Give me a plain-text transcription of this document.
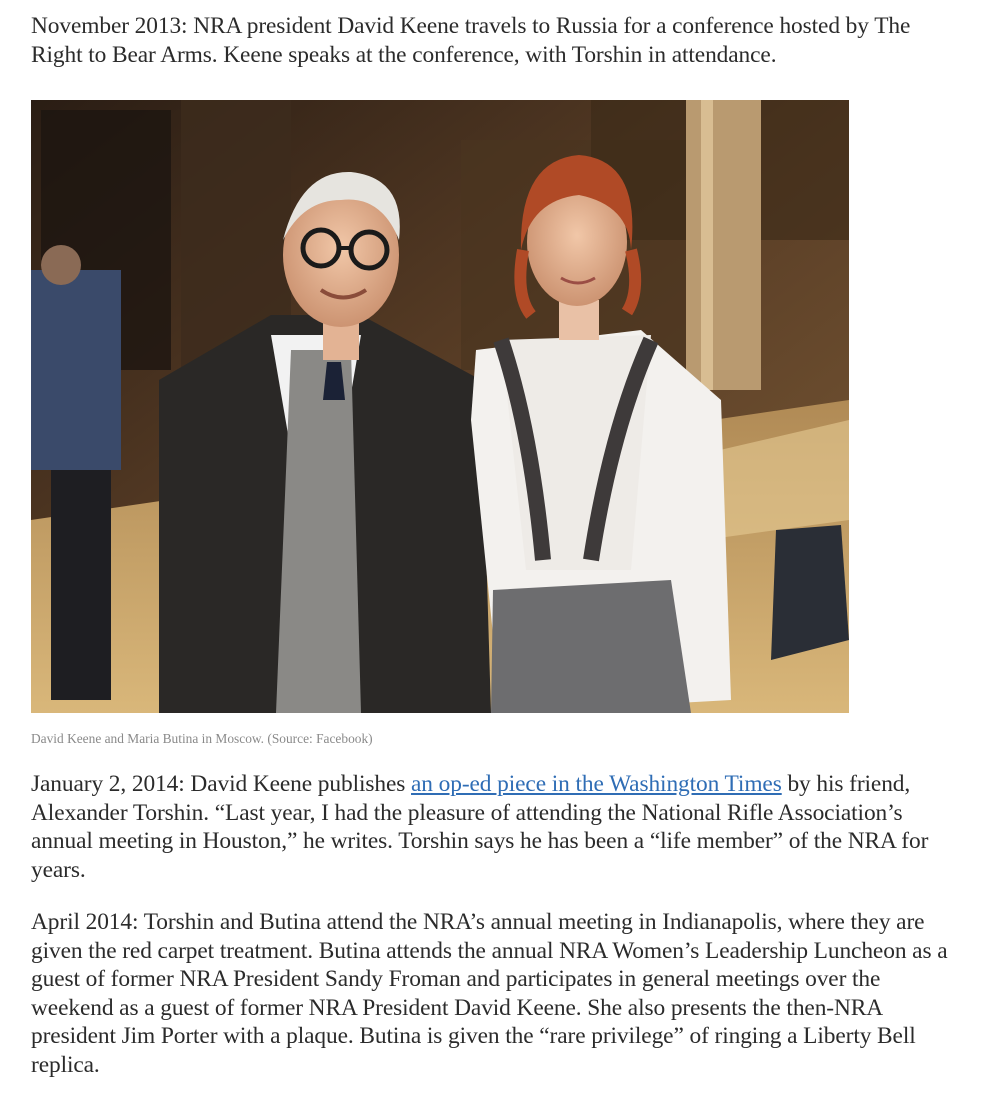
November 2013: NRA president David Keene travels to Russia for a conference hosted by The Right to Bear Arms. Keene speaks at the conference, with Torshin in attendance.

David Keene and Maria Butina in Moscow. (Source: Facebook)

January 2, 2014: David Keene publishes an op-ed piece in the Washington Times by his friend, Alexander Torshin. “Last year, I had the pleasure of attending the National Rifle Association’s annual meeting in Houston,” he writes. Torshin says he has been a “life member” of the NRA for years.

April 2014: Torshin and Butina attend the NRA’s annual meeting in Indianapolis, where they are given the red carpet treatment. Butina attends the annual NRA Women’s Leadership Luncheon as a guest of former NRA President Sandy Froman and participates in general meetings over the weekend as a guest of former NRA President David Keene. She also presents the then-NRA president Jim Porter with a plaque. Butina is given the “rare privilege” of ringing a Liberty Bell replica.
